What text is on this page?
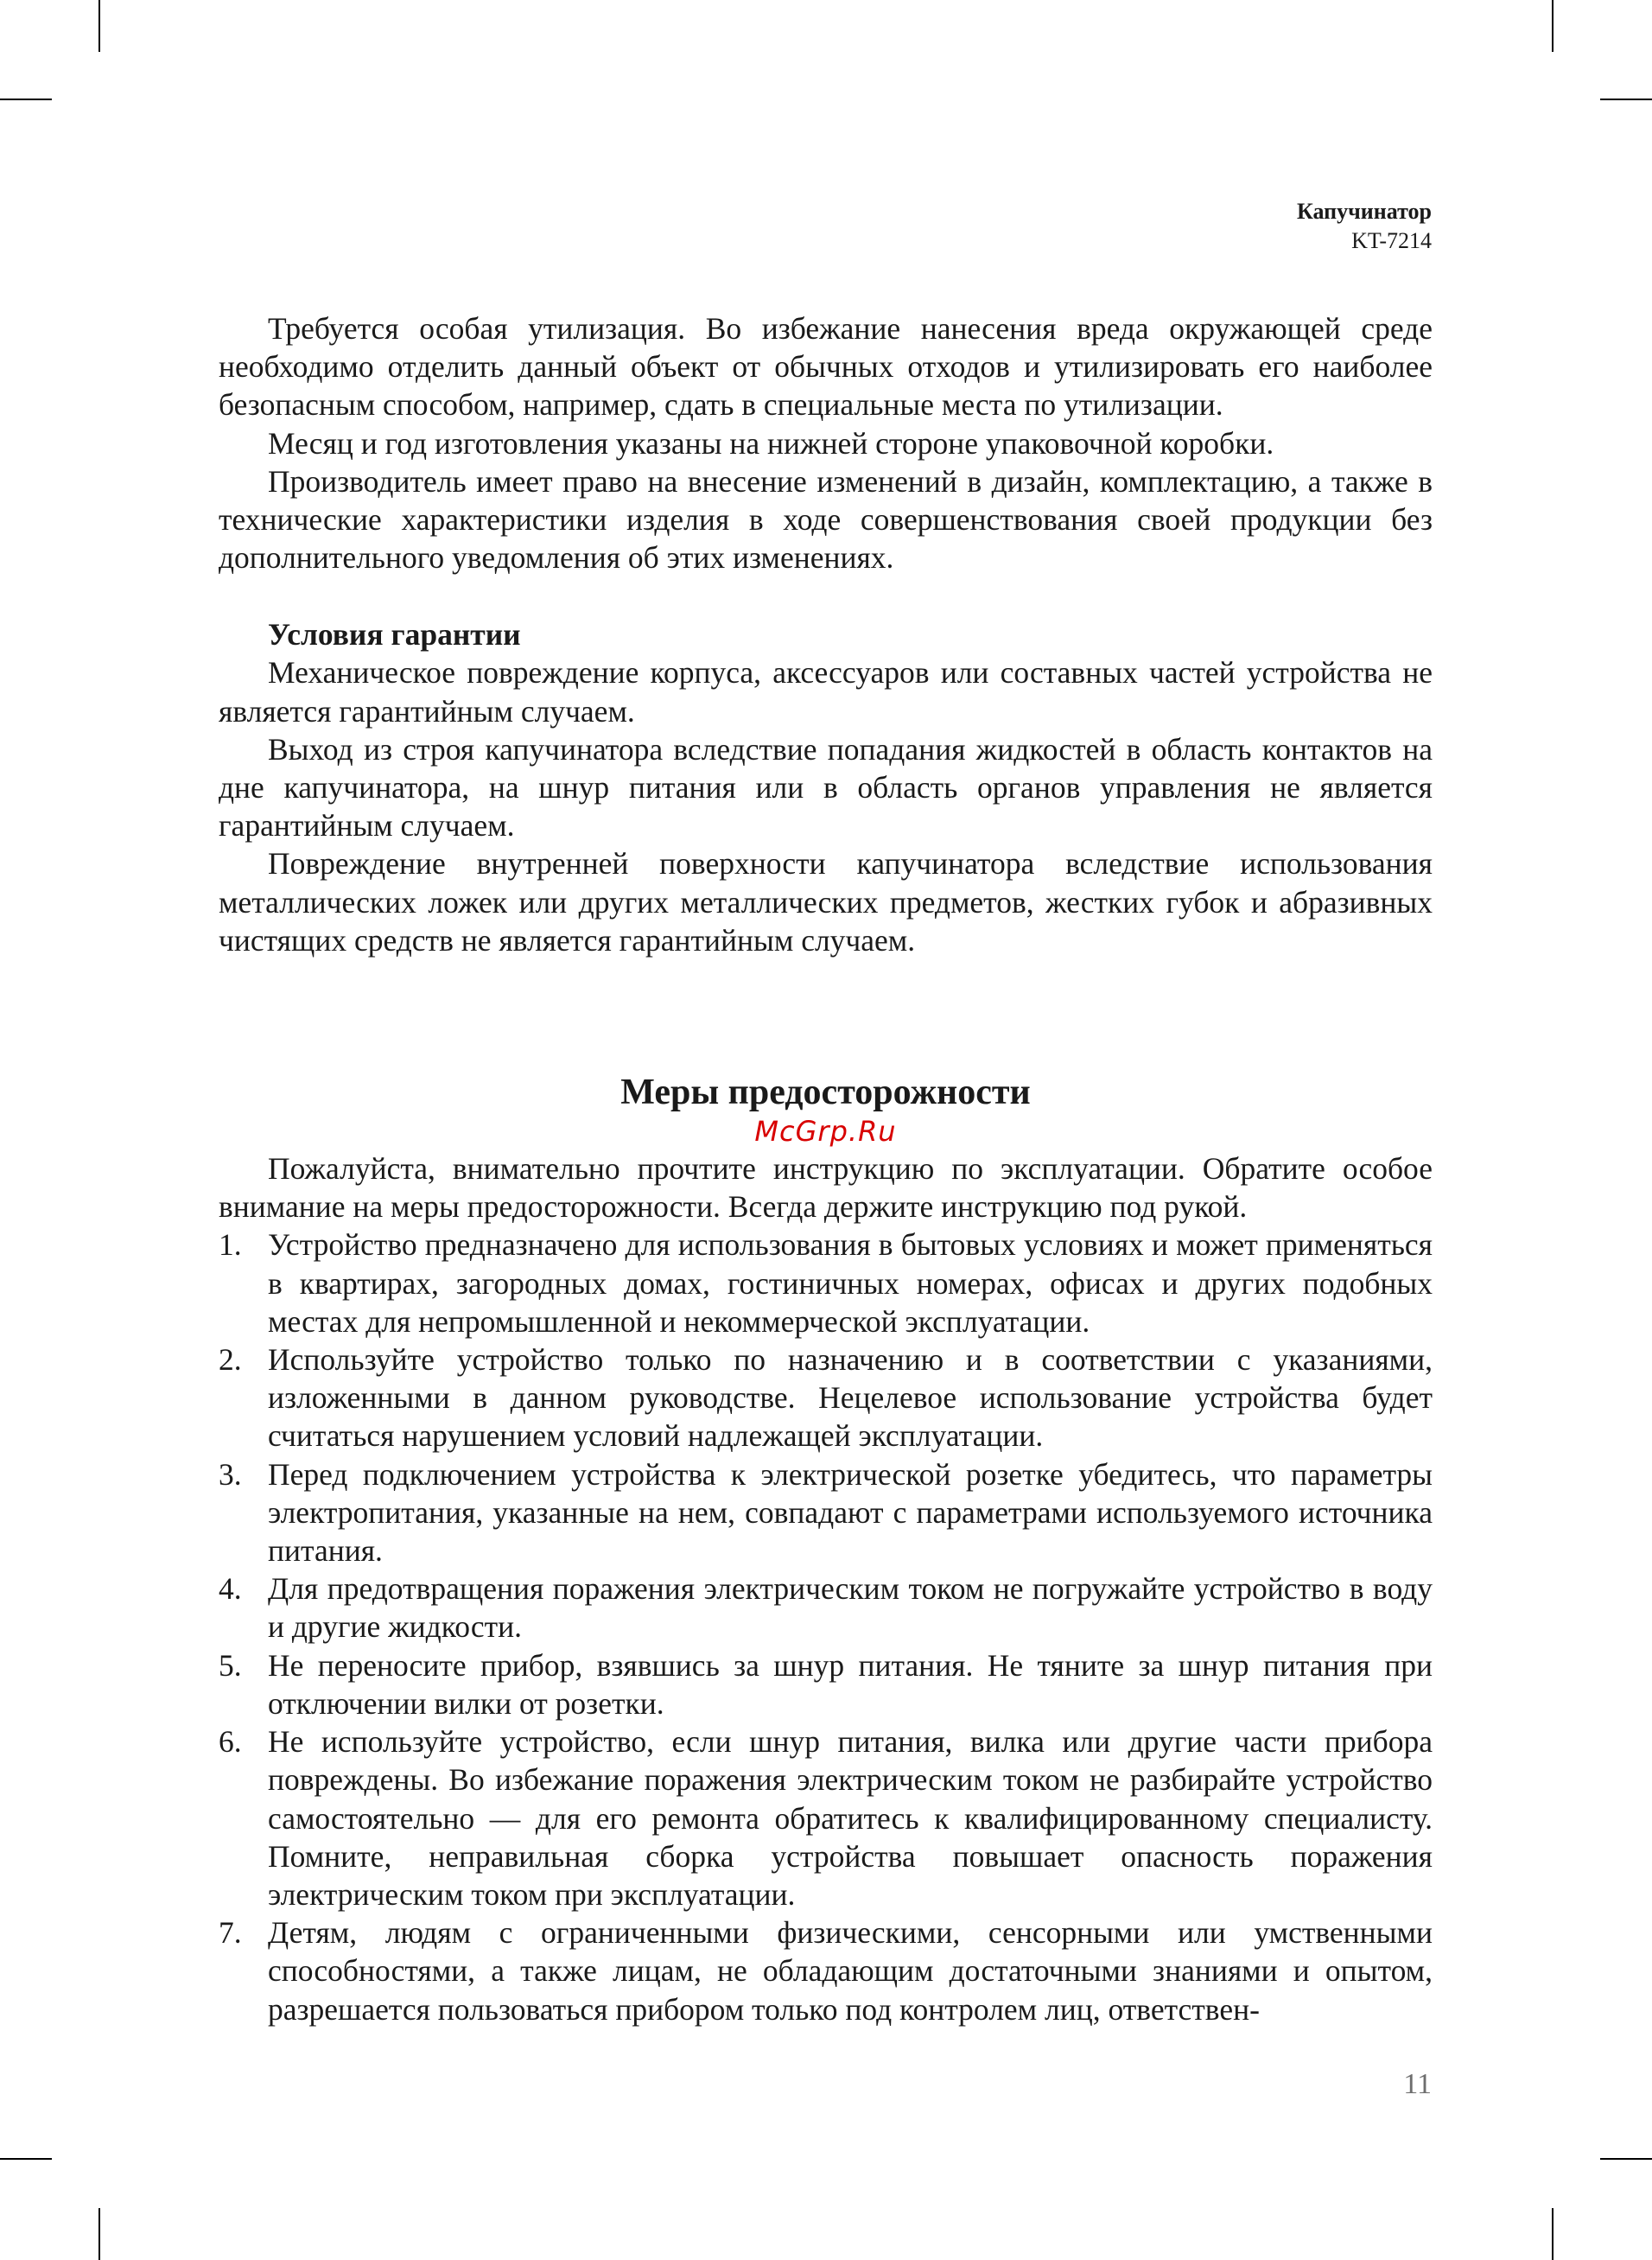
Капучинатор
KT-7214

Требуется особая утилизация. Во избежание нанесения вреда окружающей среде необходимо отделить данный объект от обычных отходов и утилизировать его наиболее безопасным способом, например, сдать в специальные места по утилизации.

Месяц и год изготовления указаны на нижней стороне упаковочной коробки.

Производитель имеет право на внесение изменений в дизайн, комплектацию, а также в технические характеристики изделия в ходе совершенствования своей продукции без дополнительного уведомления об этих изменениях.

Условия гарантии

Механическое повреждение корпуса, аксессуаров или составных частей устройства не является гарантийным случаем.

Выход из строя капучинатора вследствие попадания жидкостей в область контактов на дне капучинатора, на шнур питания или в область органов управления не является гарантийным случаем.

Повреждение внутренней поверхности капучинатора вследствие использования металлических ложек или других металлических предметов, жестких губок и абразивных чистящих средств не является гарантийным случаем.

Меры предосторожности
McGrp.Ru

Пожалуйста, внимательно прочтите инструкцию по эксплуатации. Обратите особое внимание на меры предосторожности. Всегда держите инструкцию под рукой.

1. Устройство предназначено для использования в бытовых условиях и может применяться в квартирах, загородных домах, гостиничных номерах, офисах и других подобных местах для непромышленной и некоммерческой эксплуатации.
2. Используйте устройство только по назначению и в соответствии с указаниями, изложенными в данном руководстве. Нецелевое использование устройства будет считаться нарушением условий надлежащей эксплуатации.
3. Перед подключением устройства к электрической розетке убедитесь, что параметры электропитания, указанные на нем, совпадают с параметрами используемого источника питания.
4. Для предотвращения поражения электрическим током не погружайте устройство в воду и другие жидкости.
5. Не переносите прибор, взявшись за шнур питания. Не тяните за шнур питания при отключении вилки от розетки.
6. Не используйте устройство, если шнур питания, вилка или другие части прибора повреждены. Во избежание поражения электрическим током не разбирайте устройство самостоятельно — для его ремонта обратитесь к квалифицированному специалисту. Помните, неправильная сборка устройства повышает опасность поражения электрическим током при эксплуатации.
7. Детям, людям с ограниченными физическими, сенсорными или умственными способностями, а также лицам, не обладающим достаточными знаниями и опытом, разрешается пользоваться прибором только под контролем лиц, ответствен-
11
